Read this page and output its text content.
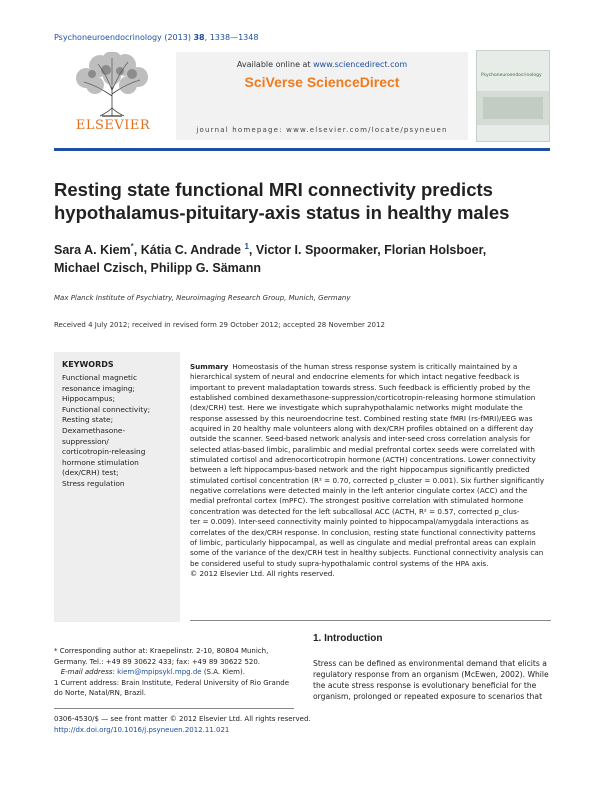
Psychoneuroendocrinology (2013) 38, 1338—1348
ELSEVIER
Available online at www.sciencedirect.com
SciVerse ScienceDirect
journal homepage: www.elsevier.com/locate/psyneuen
Psychoneuroendocrinology
Resting state functional MRI connectivity predicts
hypothalamus-pituitary-axis status in healthy males
Sara A. Kiem*, Kátia C. Andrade $^1$, Victor I. Spoormaker, Florian Holsboer,
Michael Czisch, Philipp G. Sämann
Max Planck Institute of Psychiatry, Neuroimaging Research Group, Munich, Germany
Received 4 July 2012; received in revised form 29 October 2012; accepted 28 November 2012
KEYWORDS
Functional magnetic
resonance imaging;
Hippocampus;
Functional connectivity;
Resting state;
Dexamethasone-
suppression/
corticotropin-releasing
hormone stimulation
(dex/CRH) test;
Stress regulation
Summary Homeostasis of the human stress response system is critically maintained by a
hierarchical system of neural and endocrine elements for which intact negative feedback is
important to prevent maladaptation towards stress. Such feedback is efficiently probed by the
established combined dexamethasone-suppression/corticotropin-releasing hormone stimulation
(dex/CRH) test. Here we investigate which suprahypothalamic networks might modulate the
response assessed by this neuroendocrine test. Combined resting state fMRI (rs-fMRI)/EEG was
acquired in 20 healthy male volunteers along with dex/CRH profiles obtained on a different day
outside the scanner. Seed-based network analysis and inter-seed cross correlation analysis for
selected atlas-based limbic, paralimbic and medial prefrontal cortex seeds were correlated with
stimulated cortisol and adrenocorticotropin hormone (ACTH) concentrations. Lower connectivity
between a left hippocampus-based network and the right hippocampus significantly predicted
stimulated cortisol concentration (R² = 0.70, corrected p_cluster = 0.001). Six further significantly
negative correlations were detected mainly in the left anterior cingulate cortex (ACC) and the
medial prefrontal cortex (mPFC). The strongest positive correlation with stimulated hormone
concentration was detected for the left subcallosal ACC (ACTH, R² = 0.57, corrected p_clus-
ter = 0.009). Inter-seed connectivity mainly pointed to hippocampal/amygdala interactions as
correlates of the dex/CRH response. In conclusion, resting state functional connectivity patterns
of limbic, particularly hippocampal, as well as cingulate and medial prefrontal areas can explain
some of the variance of the dex/CRH test in healthy subjects. Functional connectivity analysis can
be considered useful to study supra-hypothalamic control systems of the HPA axis.
© 2012 Elsevier Ltd. All rights reserved.
* Corresponding author at: Kraepelinstr. 2-10, 80804 Munich,
Germany. Tel.: +49 89 30622 433; fax: +49 89 30622 520.
E-mail address: kiem@mpipsykl.mpg.de (S.A. Kiem).
1 Current address: Brain Institute, Federal University of Rio Grande
do Norte, Natal/RN, Brazil.
0306-4530/$ — see front matter © 2012 Elsevier Ltd. All rights reserved.
http://dx.doi.org/10.1016/j.psyneuen.2012.11.021
1. Introduction
Stress can be defined as environmental demand that elicits a
regulatory response from an organism (McEwen, 2002). While
the acute stress response is evolutionary beneficial for the
organism, prolonged or repeated exposure to scenarios that
